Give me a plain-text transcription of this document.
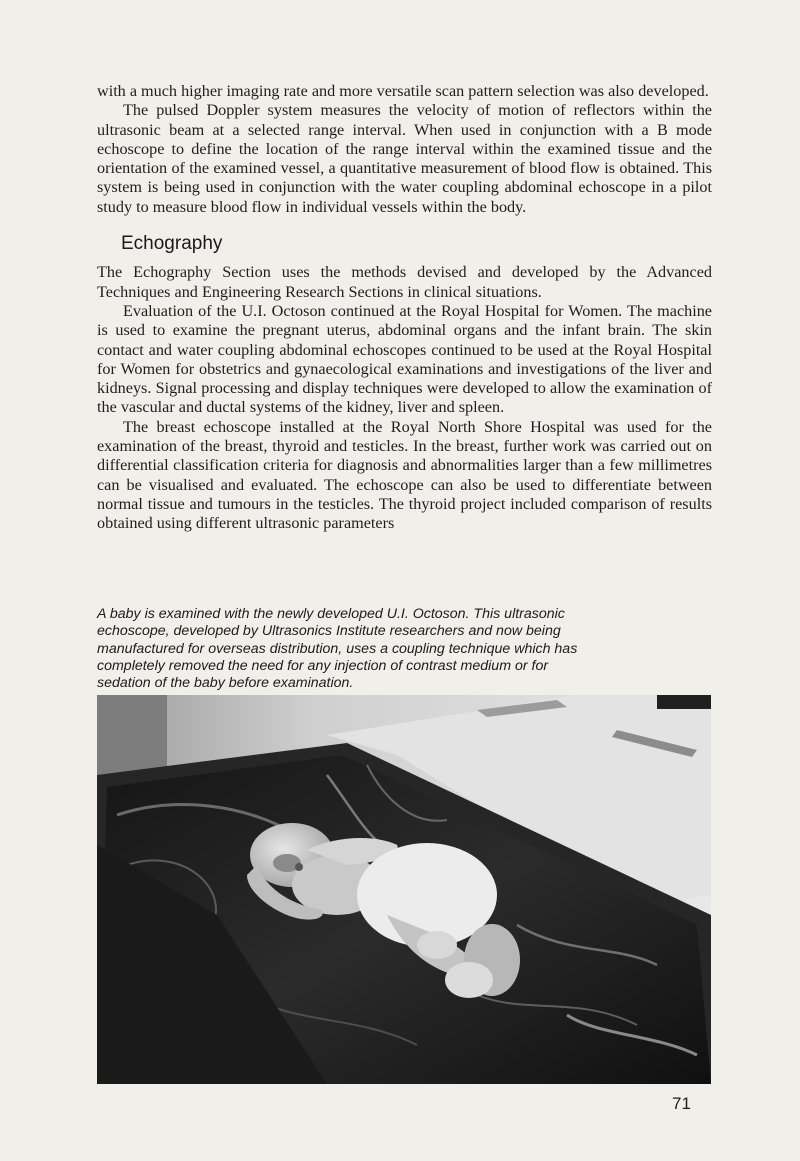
with a much higher imaging rate and more versatile scan pattern selection was also developed.

The pulsed Doppler system measures the velocity of motion of reflectors within the ultrasonic beam at a selected range interval. When used in conjunction with a B mode echoscope to define the location of the range interval within the examined tissue and the orientation of the examined vessel, a quantitative measurement of blood flow is obtained. This system is being used in conjunction with the water coupling abdominal echoscope in a pilot study to measure blood flow in individual vessels within the body.

Echography

The Echography Section uses the methods devised and developed by the Advanced Techniques and Engineering Research Sections in clinical situations.

Evaluation of the U.I. Octoson continued at the Royal Hospital for Women. The machine is used to examine the pregnant uterus, abdominal organs and the infant brain. The skin contact and water coupling abdominal echoscopes continued to be used at the Royal Hospital for Women for obstetrics and gynaecological examinations and investigations of the liver and kidneys. Signal processing and display techniques were developed to allow the examination of the vascular and ductal systems of the kidney, liver and spleen.

The breast echoscope installed at the Royal North Shore Hospital was used for the examination of the breast, thyroid and testicles. In the breast, further work was carried out on differential classification criteria for diagnosis and abnormalities larger than a few millimetres can be visualised and evaluated. The echoscope can also be used to differentiate between normal tissue and tumours in the testicles. The thyroid project included comparison of results obtained using different ultrasonic parameters

A baby is examined with the newly developed U.I. Octoson. This ultrasonic
echoscope, developed by Ultrasonics Institute researchers and now being
manufactured for overseas distribution, uses a coupling technique which has
completely removed the need for any injection of contrast medium or for
sedation of the baby before examination.
71
